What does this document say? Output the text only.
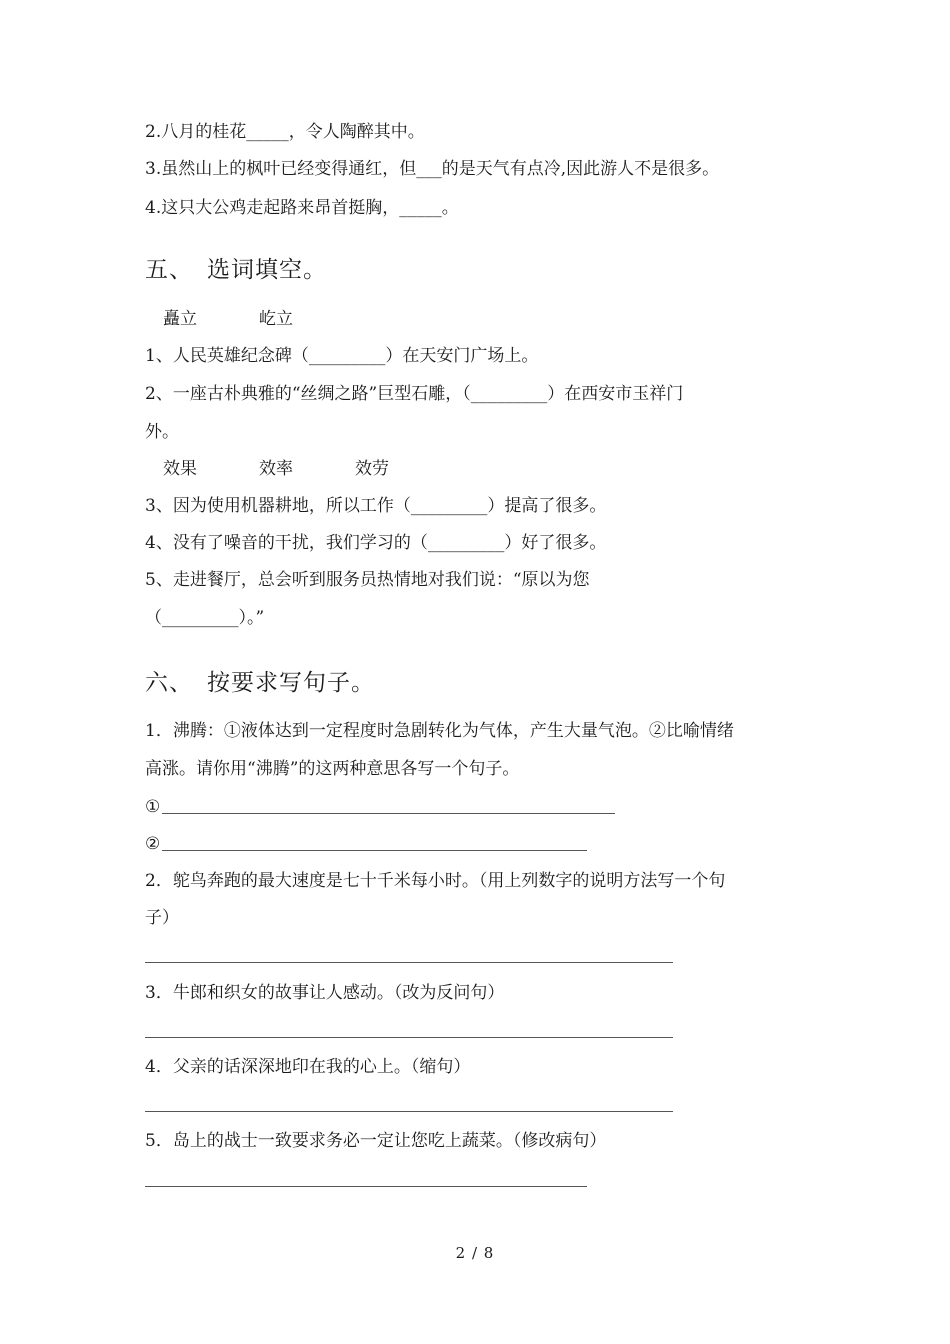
2.八月的桂花_____，令人陶醉其中。
3.虽然山上的枫叶已经变得通红，但___的是天气有点冷,因此游人不是很多。
4.这只大公鸡走起路来昂首挺胸，_____。
五、 选词填空。
矗立	屹立
1、人民英雄纪念碑（_________）在天安门广场上。
2、一座古朴典雅的“丝绸之路”巨型石雕，（_________）在西安市玉祥门
外。
效果	效率	效劳
3、因为使用机器耕地，所以工作（_________）提高了很多。
4、没有了噪音的干扰，我们学习的（_________）好了很多。
5、走进餐厅，总会听到服务员热情地对我们说：“原以为您
（_________）。”
六、 按要求写句子。
1．沸腾：①液体达到一定程度时急剧转化为气体，产生大量气泡。②比喻情绪
高涨。请你用“沸腾”的这两种意思各写一个句子。
①
②
2．鸵鸟奔跑的最大速度是七十千米每小时。（用上列数字的说明方法写一个句
子）
3．牛郎和织女的故事让人感动。（改为反问句）
4．父亲的话深深地印在我的心上。（缩句）
5．岛上的战士一致要求务必一定让您吃上蔬菜。（修改病句）
2 / 8
